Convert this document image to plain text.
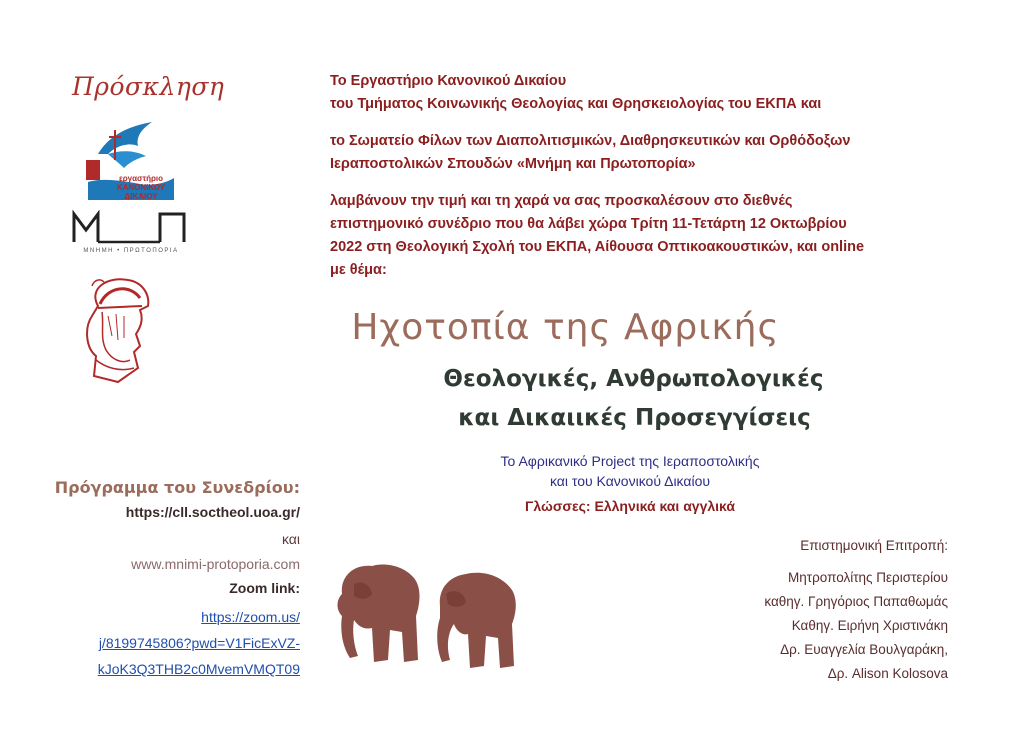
Πρόσκληση
εργαστήριο ΚΑΝΟΝΙΚΟΥ ΔΙΚΑΙΟΥ
ΜΝΗΜΗ • ΠΡΩΤΟΠΟΡΙΑ
Το Εργαστήριο Κανονικού Δικαίου
του Τμήματος Κοινωνικής Θεολογίας και Θρησκειολογίας του ΕΚΠΑ και
το Σωματείο Φίλων των Διαπολιτισμικών, Διαθρησκευτικών και Ορθόδοξων
Ιεραποστολικών Σπουδών «Μνήμη και Πρωτοπορία»
λαμβάνουν την τιμή και τη χαρά να σας προσκαλέσουν στο διεθνές
επιστημονικό συνέδριο που θα λάβει χώρα Τρίτη 11-Τετάρτη 12 Οκτωβρίου
2022 στη Θεολογική Σχολή του ΕΚΠΑ, Αίθουσα Οπτικοακουστικών, και online
με θέμα:
Ηχοτοπία της Αφρικής
Θεολογικές, Ανθρωπολογικές
και Δικαιικές Προσεγγίσεις
Το Αφρικανικό Project της Ιεραποστολικής
και του Κανονικού Δικαίου
Γλώσσες: Ελληνικά και αγγλικά
Πρόγραμμα του Συνεδρίου:
https://cll.soctheol.uoa.gr/
και
www.mnimi-protoporia.com
Zoom link:
https://zoom.us/
j/8199745806?pwd=V1FicExVZ-
kJoK3Q3THB2c0MvemVMQT09
Επιστημονική Επιτροπή:
Μητροπολίτης Περιστερίου
καθηγ. Γρηγόριος Παπαθωμάς
Καθηγ. Ειρήνη Χριστινάκη
Δρ. Ευαγγελία Βουλγαράκη,
Δρ. Alison Kolosova
